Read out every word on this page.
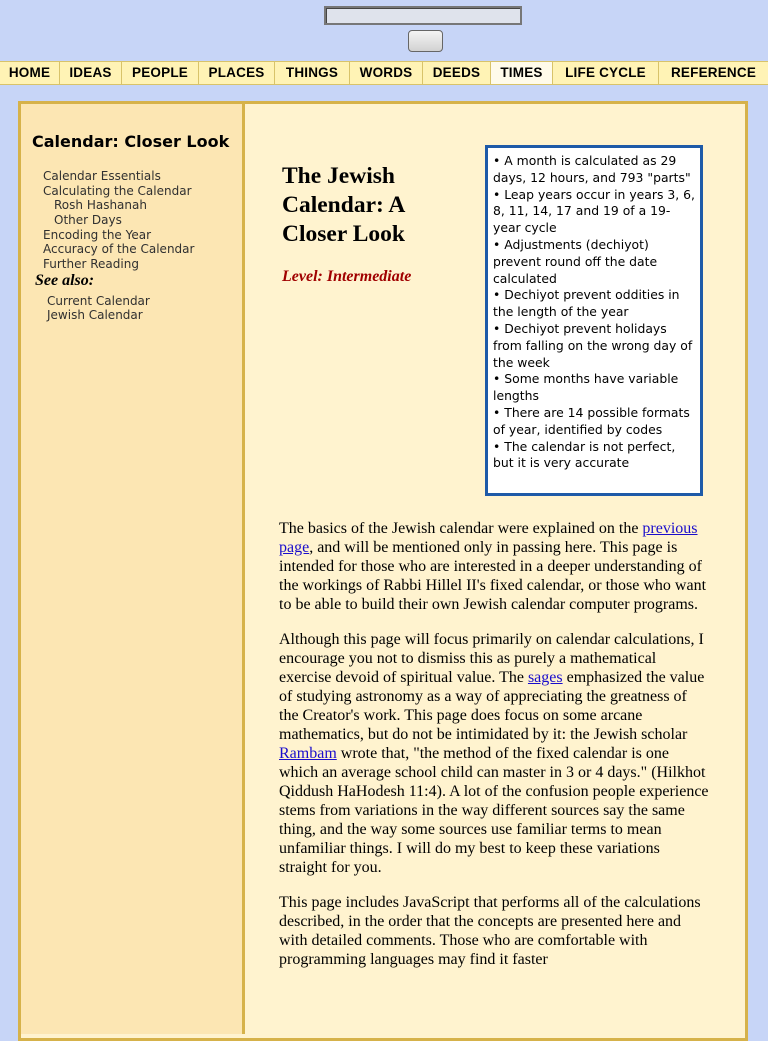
HOME	IDEAS	PEOPLE	PLACES	THINGS	WORDS	DEEDS	TIMES	LIFE CYCLE	REFERENCE
Calendar: Closer Look
Calendar Essentials
Calculating the Calendar
Rosh Hashanah
Other Days
Encoding the Year
Accuracy of the Calendar
Further Reading
See also:
Current Calendar
Jewish Calendar
The Jewish Calendar: A Closer Look
Level: Intermediate

• A month is calculated as 29 days, 12 hours, and 793 "parts"

• Leap years occur in years 3, 6, 8, 11, 14, 17 and 19 of a 19-year cycle

• Adjustments (dechiyot) prevent round off the date calculated

• Dechiyot prevent oddities in the length of the year

• Dechiyot prevent holidays from falling on the wrong day of the week

• Some months have variable lengths

• There are 14 possible formats of year, identified by codes

• The calendar is not perfect, but it is very accurate

The basics of the Jewish calendar were explained on the previous page, and will be mentioned only in passing here. This page is intended for those who are interested in a deeper understanding of the workings of Rabbi Hillel II's fixed calendar, or those who want to be able to build their own Jewish calendar computer programs.

Although this page will focus primarily on calendar calculations, I encourage you not to dismiss this as purely a mathematical exercise devoid of spiritual value. The sages emphasized the value of studying astronomy as a way of appreciating the greatness of the Creator's work. This page does focus on some arcane mathematics, but do not be intimidated by it: the Jewish scholar Rambam wrote that, "the method of the fixed calendar is one which an average school child can master in 3 or 4 days." (Hilkhot Qiddush HaHodesh 11:4). A lot of the confusion people experience stems from variations in the way different sources say the same thing, and the way some sources use familiar terms to mean unfamiliar things. I will do my best to keep these variations straight for you.

This page includes JavaScript that performs all of the calculations described, in the order that the concepts are presented here and with detailed comments. Those who are comfortable with programming languages may find it faster
